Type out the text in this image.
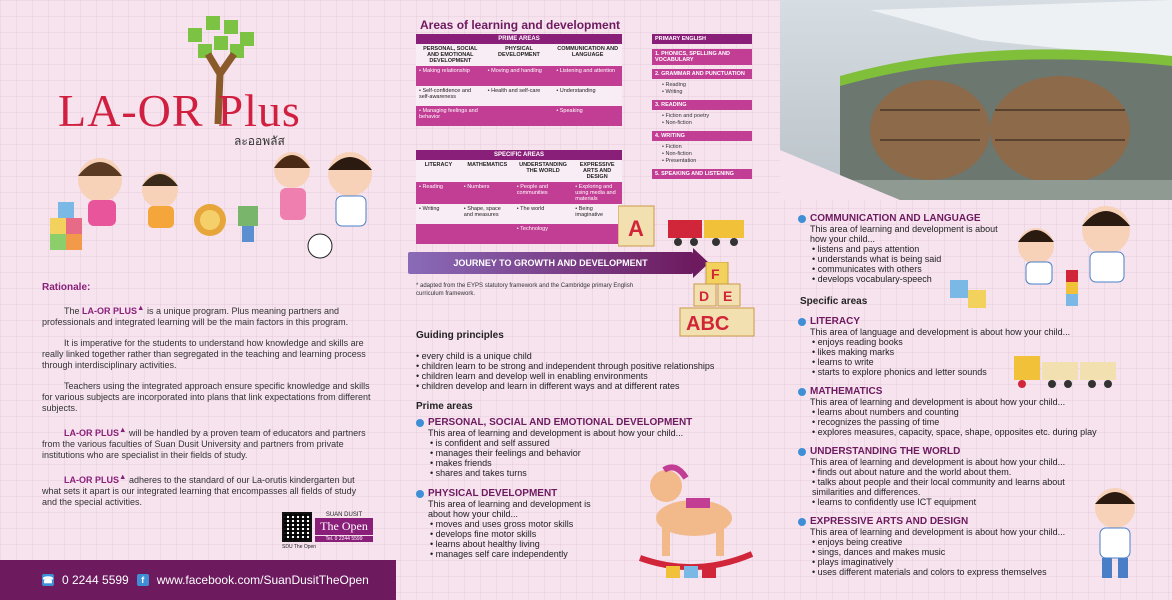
LA-OR Plus
ละออพลัส
Rationale:

The LA-OR PLUS▲ is a unique program. Plus meaning partners and professionals and integrated learning will be the main factors in this program.

It is imperative for the students to understand how knowledge and skills are really linked together rather than segregated in the teaching and learning process through interdisciplinary activities.

Teachers using the integrated approach ensure specific knowledge and skills for various subjects are incorporated into plans that link expectations from different subjects.

LA-OR PLUS▲ will be handled by a proven team of educators and partners from the various faculties of Suan Dusit University and partners from private institutions who are specialist in their fields of study.

LA-OR PLUS▲ adheres to the standard of our La-orutis kindergarten but what sets it apart is our integrated learning that encompasses all fields of study and the special activities.

SDU The Open
SUAN DUSIT
The Open
Tel. 0 2244 5599
☎ 0 2244 5599	f	www.facebook.com/SuanDusitTheOpen
Areas of learning and development
PRIME AREAS		
PERSONAL, SOCIAL AND EMOTIONAL DEVELOPMENT	PHYSICAL DEVELOPMENT	COMMUNICATION AND LANGUAGE
• Making relationship	• Moving and handling	• Listening and attention
• Self-confidence and self-awareness	• Health and self-care	• Understanding
• Managing feelings and behavior		• Speaking
SPECIFIC AREAS			
LITERACY	MATHEMATICS	UNDERSTANDING THE WORLD	EXPRESSIVE ARTS AND DESIGN
• Reading	• Numbers	• People and communities	• Exploring and using media and materials
• Writing	• Shape, space and measures	• The world	• Being imaginative
		• Technology	
PRIMARY ENGLISH
1. PHONICS, SPELLING AND VOCABULARY
2. GRAMMAR AND PUNCTUATION
• Reading
• Writing
3. READING
• Fiction and poetry
• Non-fiction
4. WRITING
• Fiction
• Non-fiction
• Presentation
5. SPEAKING AND LISTENING
A
JOURNEY TO GROWTH AND DEVELOPMENT
* adapted from the EYPS statutory framework and the Cambridge primary English curriculum framework.
F
D E
ABC
Guiding principles
• every child is a unique child
• children learn to be strong and independent through positive relationships
• children learn and develop well in enabling environments
• children develop and learn in different ways and at different rates
Prime areas
PERSONAL, SOCIAL AND EMOTIONAL DEVELOPMENT
This area of learning and development is about how your child...
• is confident and self assured
• manages their feelings and behavior
• makes friends
• shares and takes turns
PHYSICAL DEVELOPMENT
This area of learning and development is
about how your child...
• moves and uses gross motor skills
• develops fine motor skills
• learns about healthy living
• manages self care independently
COMMUNICATION AND LANGUAGE
This area of learning and development is about
how your child...
• listens and pays attention
• understands what is being said
• communicates with others
• develops vocabulary-speech
Specific areas
LITERACY
This area of language and development is about how your child...
• enjoys reading books
• likes making marks
• learns to write
• starts to explore phonics and letter sounds
MATHEMATICS
This area of learning and development is about how your child...
• learns about numbers and counting
• recognizes the passing of time
• explores measures, capacity, space, shape, opposites etc. during play
UNDERSTANDING THE WORLD
This area of learning and development is about how your child...
• finds out about nature and the world about them.
• talks about people and their local community and learns about similarities and differences.
• learns to confidently use ICT equipment
EXPRESSIVE ARTS AND DESIGN
This area of learning and development is about how your child...
• enjoys being creative
• sings, dances and makes music
• plays imaginatively
• uses different materials and colors to express themselves
